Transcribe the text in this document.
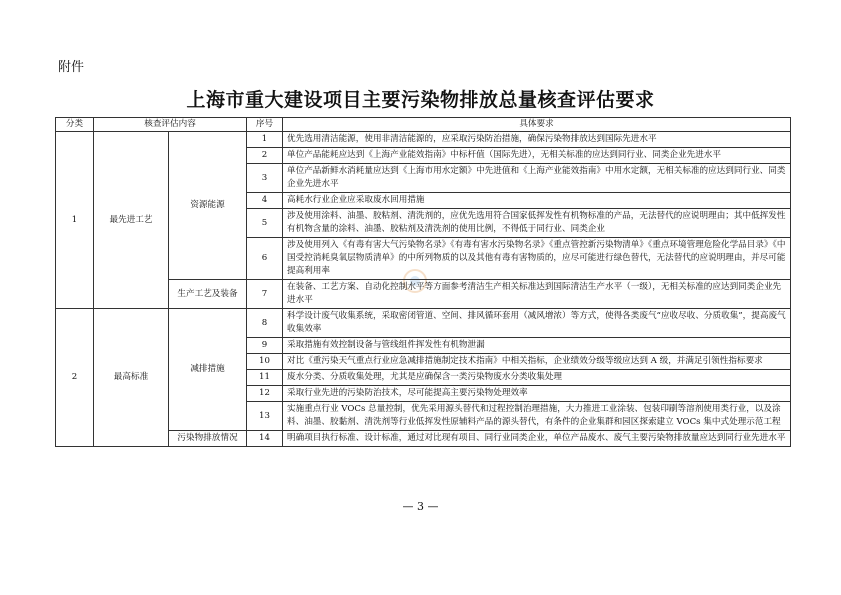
附件
上海市重大建设项目主要污染物排放总量核查评估要求
分类	核查评估内容		序号	具体要求
1	最先进工艺	资源能源	1	优先选用清洁能源，使用非清洁能源的，应采取污染防治措施，确保污染物排放达到国际先进水平
			2	单位产品能耗应达到《上海产业能效指南》中标杆值（国际先进），无相关标准的应达到同行业、同类企业先进水平
			3	单位产品新鲜水消耗量应达到《上海市用水定额》中先进值和《上海产业能效指南》中用水定额，无相关标准的应达到同行业、同类企业先进水平
			4	高耗水行业企业应采取废水回用措施
			5	涉及使用涂料、油墨、胶粘剂、清洗剂的，应优先选用符合国家低挥发性有机物标准的产品，无法替代的应说明理由；其中低挥发性有机物含量的涂料、油墨、胶粘剂及清洗剂的使用比例，不得低于同行业、同类企业
			6	涉及使用列入《有毒有害大气污染物名录》《有毒有害水污染物名录》《重点管控新污染物清单》《重点环境管理危险化学品目录》《中国受控消耗臭氧层物质清单》的中所列物质的以及其他有毒有害物质的，应尽可能进行绿色替代，无法替代的应说明理由，并尽可能提高利用率
		生产工艺及装备	7	在装备、工艺方案、自动化控制水平等方面参考清洁生产相关标准达到国际清洁生产水平（一级），无相关标准的应达到同类企业先进水平
2	最高标准	减排措施	8	科学设计废气收集系统，采取密闭管道、空间、排风循环套用（减风增浓）等方式，使得各类废气“应收尽收、分质收集”，提高废气收集效率
			9	采取措施有效控制设备与管线组件挥发性有机物泄漏
			10	对比《重污染天气重点行业应急减排措施制定技术指南》中相关指标，企业绩效分级等级应达到 A 级，并满足引领性指标要求
			11	废水分类、分质收集处理，尤其是应确保含一类污染物废水分类收集处理
			12	采取行业先进的污染防治技术，尽可能提高主要污染物处理效率
			13	实施重点行业 VOCs 总量控制，优先采用源头替代和过程控制治理措施，大力推进工业涂装、包装印刷等溶剂使用类行业，以及涂料、油墨、胶黏剂、清洗剂等行业低挥发性原辅料产品的源头替代，有条件的企业集群和园区探索建立 VOCs 集中式处理示范工程
		污染物排放情况	14	明确项目执行标准、设计标准，通过对比现有项目、同行业同类企业，单位产品废水、废气主要污染物排放量应达到同行业先进水平
— 3 —
